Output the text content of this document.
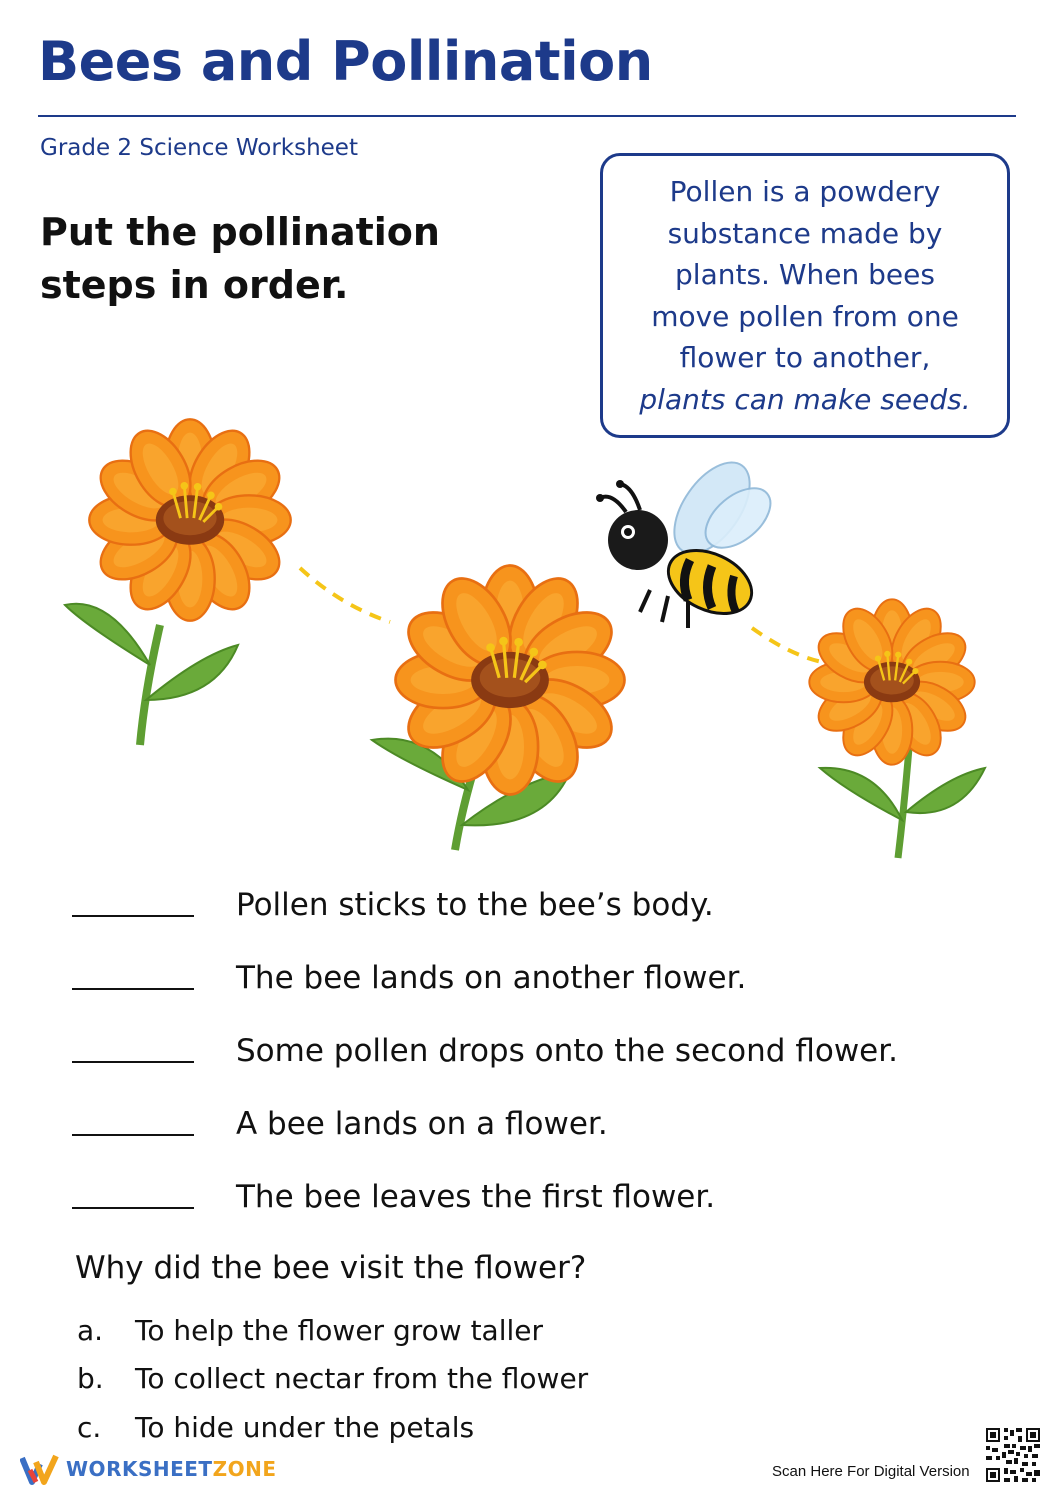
Bees and Pollination
Grade 2 Science Worksheet
Put the pollination steps in order.
Pollen is a powdery
substance made by
plants. When bees
move pollen from one
flower to another,
plants can make seeds.
Pollen sticks to the bee’s body.
The bee lands on another flower.
Some pollen drops onto the second flower.
A bee lands on a flower.
The bee leaves the first flower.
Why did the bee visit the flower?
a.	To help the flower grow taller
b.	To collect nectar from the flower
c.	To hide under the petals
WORKSHEETZONE	Scan Here For Digital Version
